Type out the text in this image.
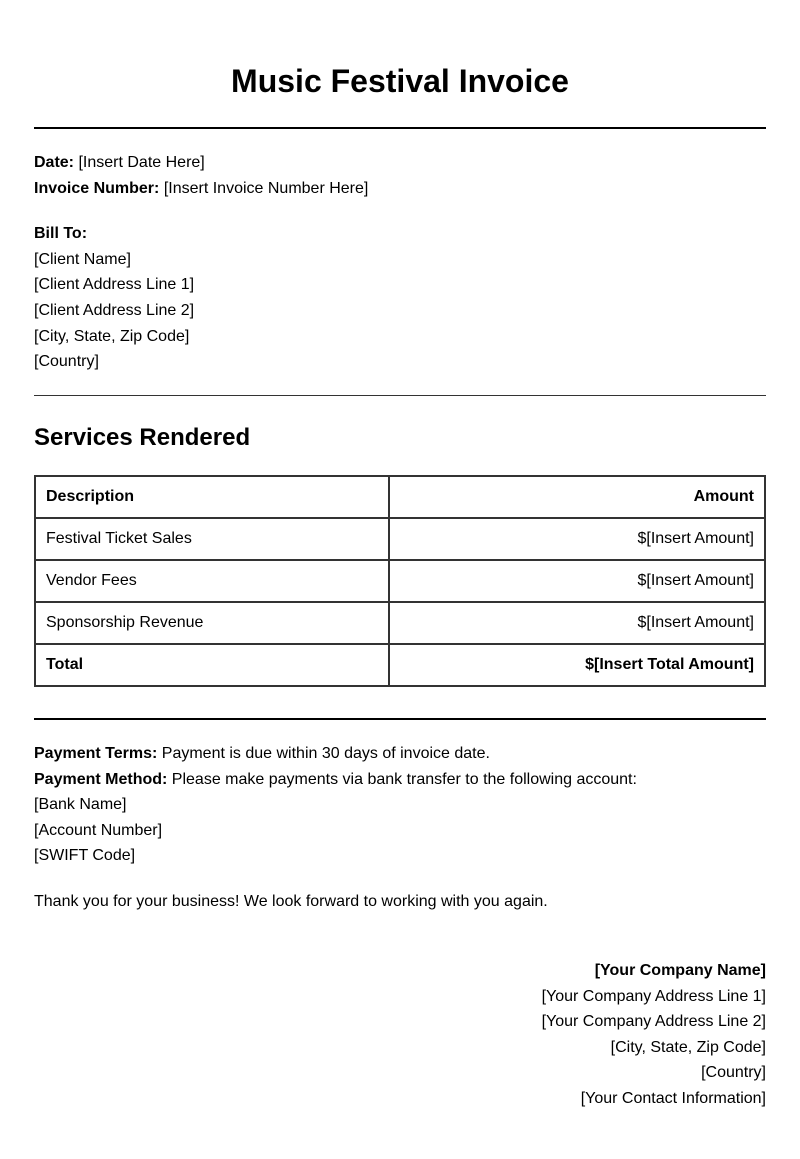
Music Festival Invoice
Date: [Insert Date Here]
Invoice Number: [Insert Invoice Number Here]
Bill To:
[Client Name]
[Client Address Line 1]
[Client Address Line 2]
[City, State, Zip Code]
[Country]
Services Rendered
Description	Amount
Festival Ticket Sales	$[Insert Amount]
Vendor Fees	$[Insert Amount]
Sponsorship Revenue	$[Insert Amount]
Total	$[Insert Total Amount]
Payment Terms: Payment is due within 30 days of invoice date.
Payment Method: Please make payments via bank transfer to the following account:
[Bank Name]
[Account Number]
[SWIFT Code]
Thank you for your business! We look forward to working with you again.
[Your Company Name]
[Your Company Address Line 1]
[Your Company Address Line 2]
[City, State, Zip Code]
[Country]
[Your Contact Information]
